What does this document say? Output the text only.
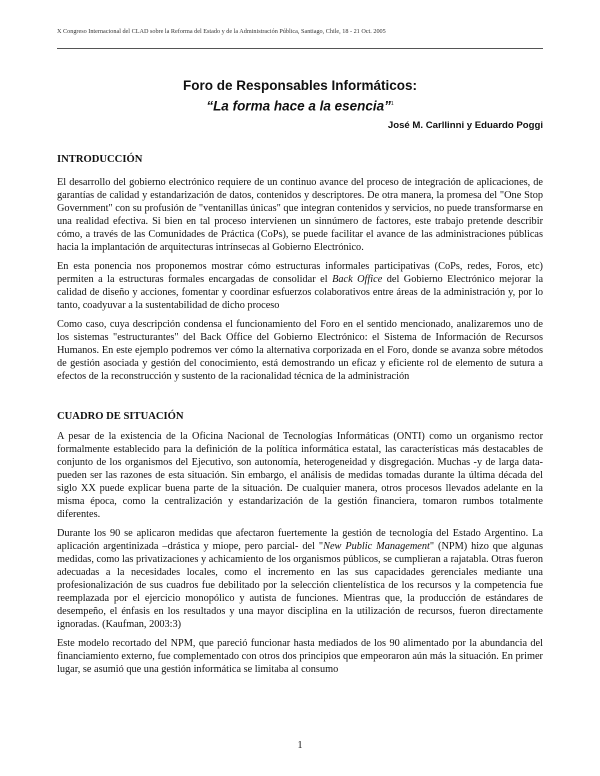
X Congreso Internacional del CLAD sobre la Reforma del Estado y de la Administración Pública, Santiago, Chile, 18 - 21 Oct. 2005
Foro de Responsables Informáticos:
“La forma hace a la esencia”$^1$
José M. Carllinni y Eduardo Poggi
INTRODUCCIÓN

El desarrollo del gobierno electrónico requiere de un continuo avance del proceso de integración de aplicaciones, de garantías de calidad y estandarización de datos, contenidos y descriptores. De otra manera, la promesa del "One Stop Government" con su profusión de "ventanillas únicas" que integran contenidos y servicios, no puede transformarse en una realidad efectiva. Si bien en tal proceso intervienen un sinnúmero de factores, este trabajo pretende describir cómo, a través de las Comunidades de Práctica (CoPs), se puede facilitar el avance de las administraciones públicas hacia la implantación de arquitecturas intrínsecas al Gobierno Electrónico.

En esta ponencia nos proponemos mostrar cómo estructuras informales participativas (CoPs, redes, Foros, etc) permiten a la estructuras formales encargadas de consolidar el Back Office del Gobierno Electrónico mejorar la calidad de diseño y acciones, fomentar y coordinar esfuerzos colaborativos entre áreas de la administración y, por lo tanto, coadyuvar a la sustentabilidad de dicho proceso

Como caso, cuya descripción condensa el funcionamiento del Foro en el sentido mencionado, analizaremos uno de los sistemas "estructurantes" del Back Office del Gobierno Electrónico: el Sistema de Información de Recursos Humanos. En este ejemplo podremos ver cómo la alternativa corporizada en el Foro, donde se avanza sobre métodos de gestión asociada y gestión del conocimiento, está demostrando un eficaz y eficiente rol de elemento de sutura a efectos de la reconstrucción y sustento de la racionalidad técnica de la administración

CUADRO DE SITUACIÓN

A pesar de la existencia de la Oficina Nacional de Tecnologías Informáticas (ONTI) como un organismo rector formalmente establecido para la definición de la política informática estatal, las características más destacables de conjunto de los organismos del Ejecutivo, son autonomía, heterogeneidad y disgregación. Muchas -y de larga data- pueden ser las razones de esta situación. Sin embargo, el análisis de medidas tomadas durante la última década del siglo XX puede explicar buena parte de la situación. De cualquier manera, otros procesos llevados adelante en la misma época, como la centralización y estandarización de la gestión financiera, tomaron rumbos totalmente diferentes.

Durante los 90 se aplicaron medidas que afectaron fuertemente la gestión de tecnología del Estado Argentino. La aplicación argentinizada –drástica y miope, pero parcial- del "New Public Management" (NPM) hizo que algunas medidas, como las privatizaciones y achicamiento de los organismos públicos, se cumplieran a rajatabla. Otras fueron adecuadas a la necesidades locales, como el incremento en las sus capacidades gerenciales mediante una profesionalización de sus cuadros fue debilitado por la selección clientelística de los recursos y la competencia fue reemplazada por el ejercicio monopólico y autista de funciones. Mientras que, la producción de estándares de desempeño, el énfasis en los resultados y una mayor disciplina en la utilización de recursos, fueron directamente ignoradas. (Kaufman, 2003:3)

Este modelo recortado del NPM, que pareció funcionar hasta mediados de los 90 alimentado por la abundancia del financiamiento externo, fue complementado con otros dos principios que empeoraron aún más la situación. En primer lugar, se asumió que una gestión informática se limitaba al consumo

1
